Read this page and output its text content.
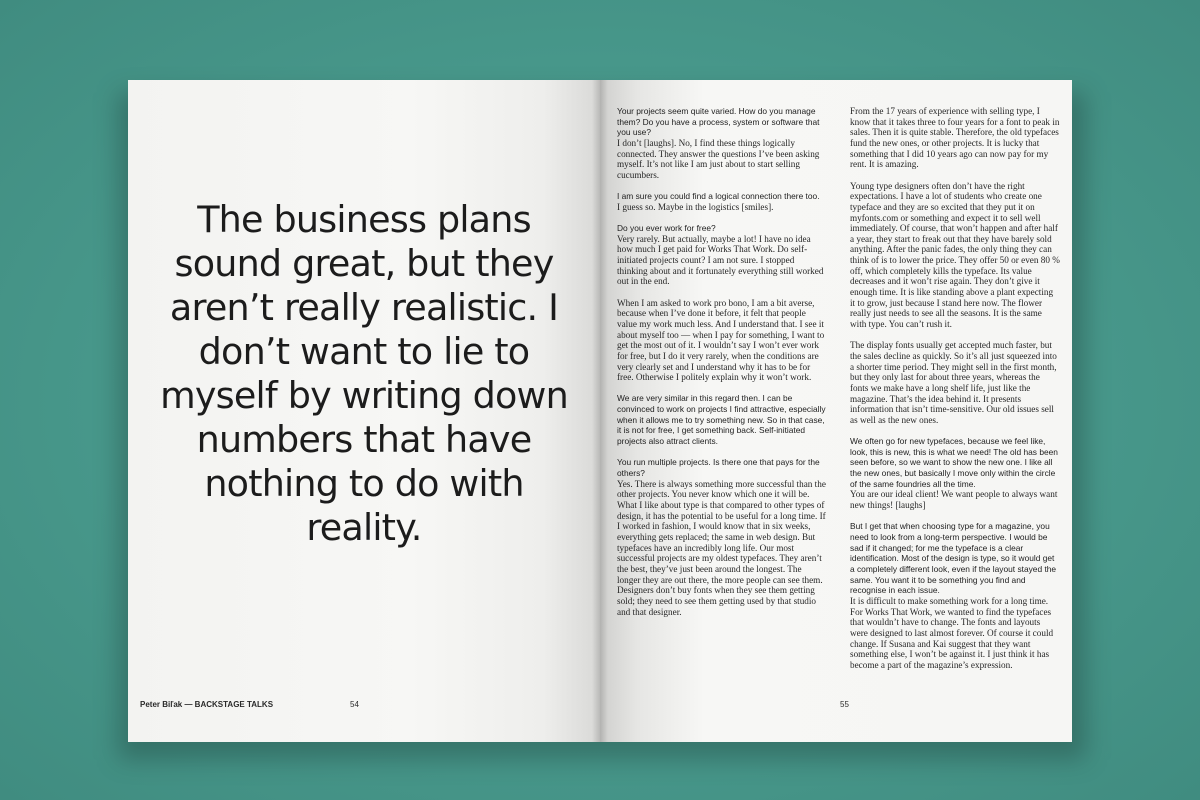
The business plans sound great, but they aren’t really realistic. I don’t want to lie to myself by writing down numbers that have nothing to do with reality.

Peter Biľak — BACKSTAGE TALKS	54
Your projects seem quite varied. How do you manage them? Do you have a process, system or software that you use?
I don’t [laughs]. No, I find these things logically connected. They answer the questions I’ve been asking myself. It’s not like I am just about to start selling cucumbers.
I am sure you could find a logical connection there too.
I guess so. Maybe in the logistics [smiles].
Do you ever work for free?
Very rarely. But actually, maybe a lot! I have no idea how much I get paid for Works That Work. Do self-initiated projects count? I am not sure. I stopped thinking about and it fortunately everything still worked out in the end.
When I am asked to work pro bono, I am a bit averse, because when I’ve done it before, it felt that people value my work much less. And I understand that. I see it about myself too — when I pay for something, I want to get the most out of it. I wouldn’t say I won’t ever work for free, but I do it very rarely, when the conditions are very clearly set and I understand why it has to be for free. Otherwise I politely explain why it won’t work.
We are very similar in this regard then. I can be convinced to work on projects I find attractive, especially when it allows me to try something new. So in that case, it is not for free, I get something back. Self-initiated projects also attract clients.
You run multiple projects. Is there one that pays for the others?
Yes. There is always something more successful than the other projects. You never know which one it will be. What I like about type is that compared to other types of design, it has the potential to be useful for a long time. If I worked in fashion, I would know that in six weeks, everything gets replaced; the same in web design. But typefaces have an incredibly long life. Our most successful projects are my oldest typefaces. They aren’t the best, they’ve just been around the longest. The longer they are out there, the more people can see them. Designers don’t buy fonts when they see them getting sold; they need to see them getting used by that studio and that designer.
From the 17 years of experience with selling type, I know that it takes three to four years for a font to peak in sales. Then it is quite stable. Therefore, the old typefaces fund the new ones, or other projects. It is lucky that something that I did 10 years ago can now pay for my rent. It is amazing.
Young type designers often don’t have the right expectations. I have a lot of students who create one typeface and they are so excited that they put it on myfonts.com or something and expect it to sell well immediately. Of course, that won’t happen and after half a year, they start to freak out that they have barely sold anything. After the panic fades, the only thing they can think of is to lower the price. They offer 50 or even 80 % off, which completely kills the typeface. Its value decreases and it won’t rise again. They don’t give it enough time. It is like standing above a plant expecting it to grow, just because I stand here now. The flower really just needs to see all the seasons. It is the same with type. You can’t rush it.
The display fonts usually get accepted much faster, but the sales decline as quickly. So it’s all just squeezed into a shorter time period. They might sell in the first month, but they only last for about three years, whereas the fonts we make have a long shelf life, just like the magazine. That’s the idea behind it. It presents information that isn’t time-sensitive. Our old issues sell as well as the new ones.
We often go for new typefaces, because we feel like, look, this is new, this is what we need! The old has been seen before, so we want to show the new one. I like all the new ones, but basically I move only within the circle of the same foundries all the time.
You are our ideal client! We want people to always want new things! [laughs]
But I get that when choosing type for a magazine, you need to look from a long-term perspective. I would be sad if it changed; for me the typeface is a clear identification. Most of the design is type, so it would get a completely different look, even if the layout stayed the same. You want it to be something you find and recognise in each issue.
It is difficult to make something work for a long time. For Works That Work, we wanted to find the typefaces that wouldn’t have to change. The fonts and layouts were designed to last almost forever. Of course it could change. If Susana and Kai suggest that they want something else, I won’t be against it. I just think it has become a part of the magazine’s expression.
55
